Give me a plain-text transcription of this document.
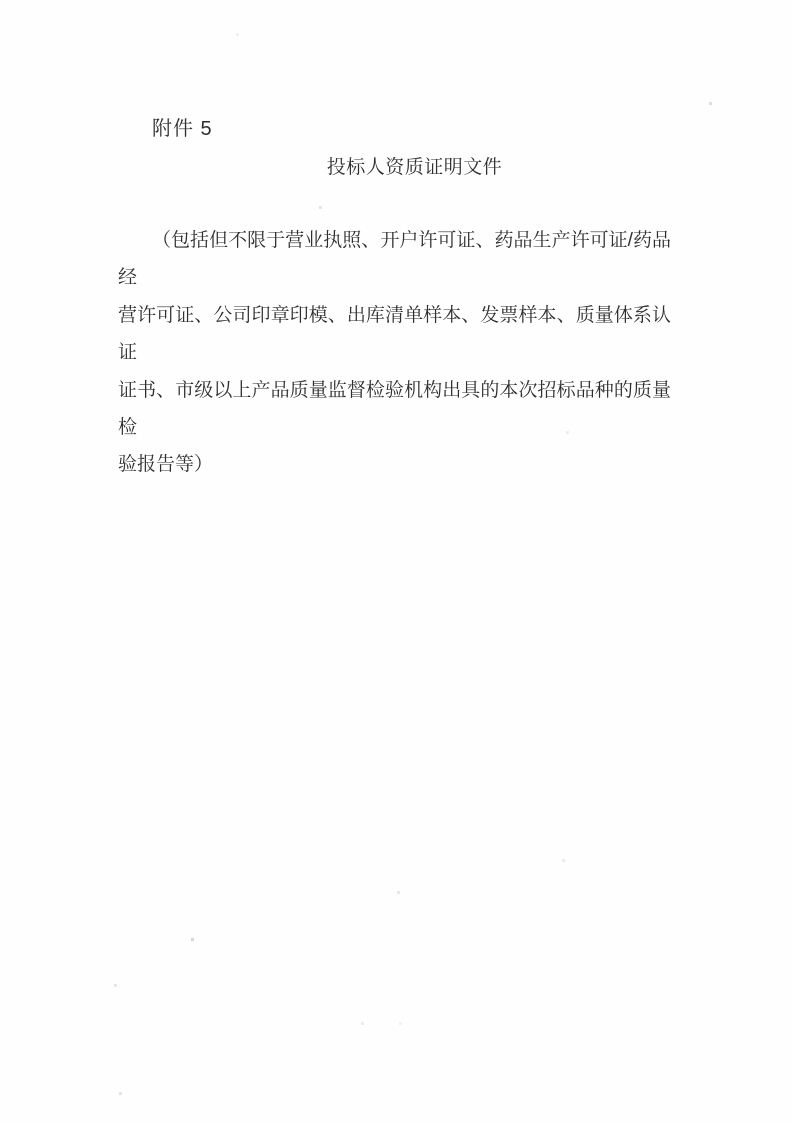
附件 5
投标人资质证明文件
（包括但不限于营业执照、开户许可证、药品生产许可证/药品经
营许可证、公司印章印模、出库清单样本、发票样本、质量体系认证
证书、市级以上产品质量监督检验机构出具的本次招标品种的质量检
验报告等）
